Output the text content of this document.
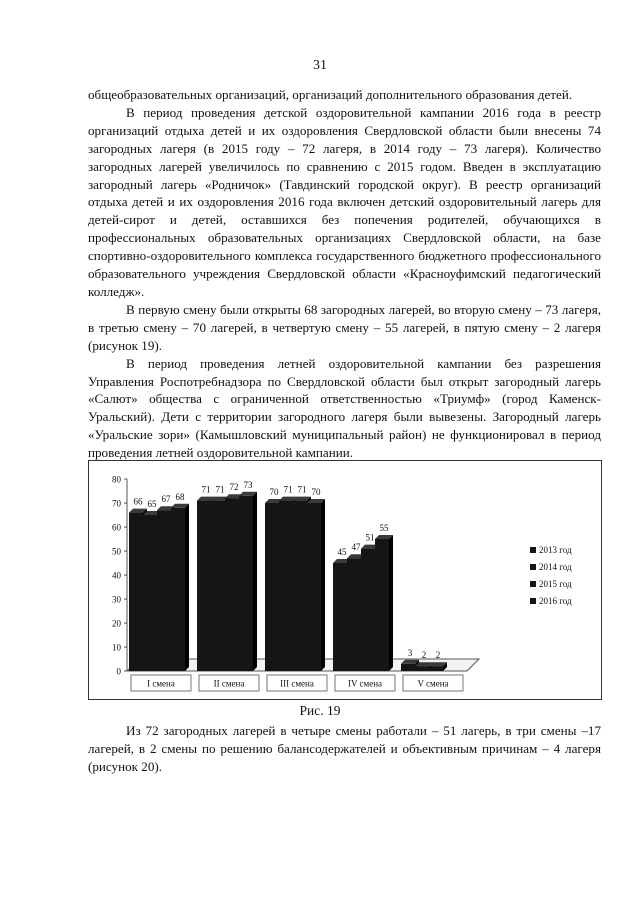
31

общеобразовательных организаций, организаций дополнительного образования детей.

В период проведения детской оздоровительной кампании 2016 года в реестр организаций отдыха детей и их оздоровления Свердловской области были внесены 74 загородных лагеря (в 2015 году – 72 лагеря, в 2014 году – 73 лагеря). Количество загородных лагерей увеличилось по сравнению с 2015 годом. Введен в эксплуатацию загородный лагерь «Родничок» (Тавдинский городской округ). В реестр организаций отдыха детей и их оздоровления 2016 года включен детский оздоровительный лагерь для детей-сирот и детей, оставшихся без попечения родителей, обучающихся в профессиональных образовательных организациях Свердловской области, на базе спортивно-оздоровительного комплекса государственного бюджетного профессионального образовательного учреждения Свердловской области «Красноуфимский педагогический колледж».

В первую смену были открыты 68 загородных лагерей, во вторую смену – 73 лагеря, в третью смену – 70 лагерей, в четвертую смену – 55 лагерей, в пятую смену – 2 лагеря (рисунок 19).

В период проведения летней оздоровительной кампании без разрешения Управления Роспотребнадзора по Свердловской области был открыт загородный лагерь «Салют» общества с ограниченной ответственностью «Триумф» (город Каменск-Уральский). Дети с территории загородного лагеря были вывезены. Загородный лагерь «Уральские зори» (Камышловский муниципальный район) не функционировал в период проведения летней оздоровительной кампании.

0
10
20
30
40
50
60
70
80
66 65 67 68
I смена
71 71 72 73
II смена
70 71 71 70
III смена
45 47
51
55
IV смена
3 2 2
V смена
2013 год
2014 год
2015 год
2016 год
Рис. 19

Из 72 загородных лагерей в четыре смены работали – 51 лагерь, в три смены –17 лагерей, в 2 смены по решению балансодержателей и объективным причинам – 4 лагеря (рисунок 20).
